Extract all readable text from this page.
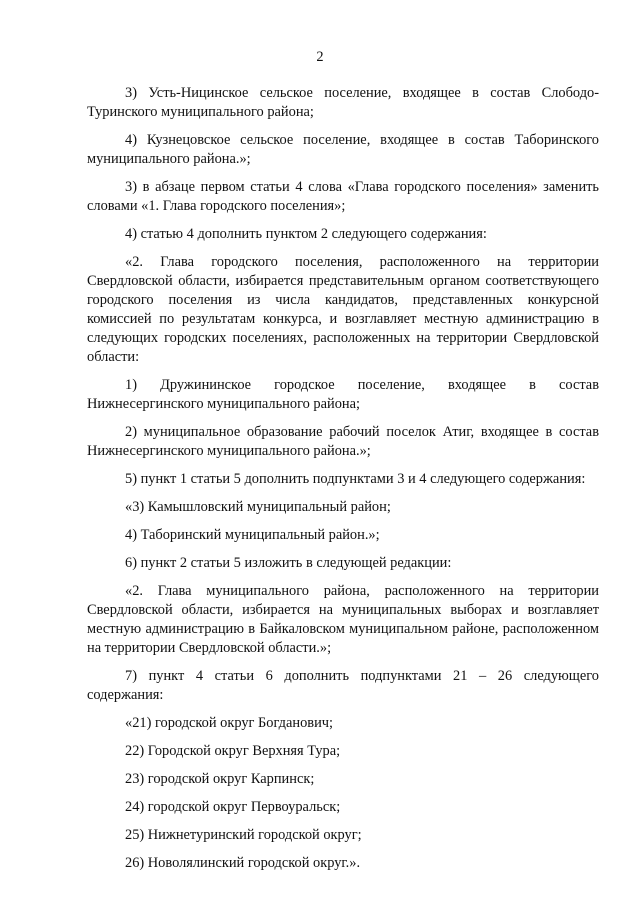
2

3) Усть-Ницинское сельское поселение, входящее в состав Слободо-Туринского муниципального района;

4) Кузнецовское сельское поселение, входящее в состав Таборинского муниципального района.»;

3) в абзаце первом статьи 4 слова «Глава городского поселения» заменить словами «1. Глава городского поселения»;

4) статью 4 дополнить пунктом 2 следующего содержания:

«2. Глава городского поселения, расположенного на территории Свердловской области, избирается представительным органом соответствующего городского поселения из числа кандидатов, представленных конкурсной комиссией по результатам конкурса, и возглавляет местную администрацию в следующих городских поселениях, расположенных на территории Свердловской области:

1) Дружининское городское поселение, входящее в состав Нижнесергинского муниципального района;

2) муниципальное образование рабочий поселок Атиг, входящее в состав Нижнесергинского муниципального района.»;

5) пункт 1 статьи 5 дополнить подпунктами 3 и 4 следующего содержания:

«3) Камышловский муниципальный район;

4) Таборинский муниципальный район.»;

6) пункт 2 статьи 5 изложить в следующей редакции:

«2. Глава муниципального района, расположенного на территории Свердловской области, избирается на муниципальных выборах и возглавляет местную администрацию в Байкаловском муниципальном районе, расположенном на территории Свердловской области.»;

7) пункт 4 статьи 6 дополнить подпунктами 21 – 26 следующего содержания:

«21) городской округ Богданович;

22) Городской округ Верхняя Тура;

23) городской округ Карпинск;

24) городской округ Первоуральск;

25) Нижнетуринский городской округ;

26) Новолялинский городской округ.».
